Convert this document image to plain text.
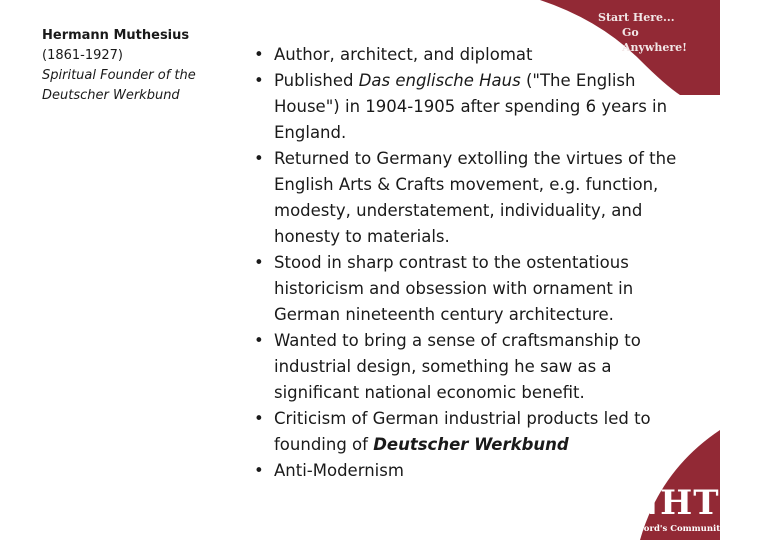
Start Here...
Go Anywhere!
NHTI
Concord's Community College
Hermann Muthesius
(1861-1927)
Spiritual Founder of the
Deutscher Werkbund
• Author, architect, and diplomat
• Published Das englische Haus ("The English House") in 1904-1905 after spending 6 years in England.
• Returned to Germany extolling the virtues of the English Arts & Crafts movement, e.g. function, modesty, understatement, individuality, and honesty to materials.
• Stood in sharp contrast to the ostentatious historicism and obsession with ornament in German nineteenth century architecture.
• Wanted to bring a sense of craftsmanship to industrial design, something he saw as a significant national economic benefit.
• Criticism of German industrial products led to founding of Deutscher Werkbund
• Anti-Modernism
